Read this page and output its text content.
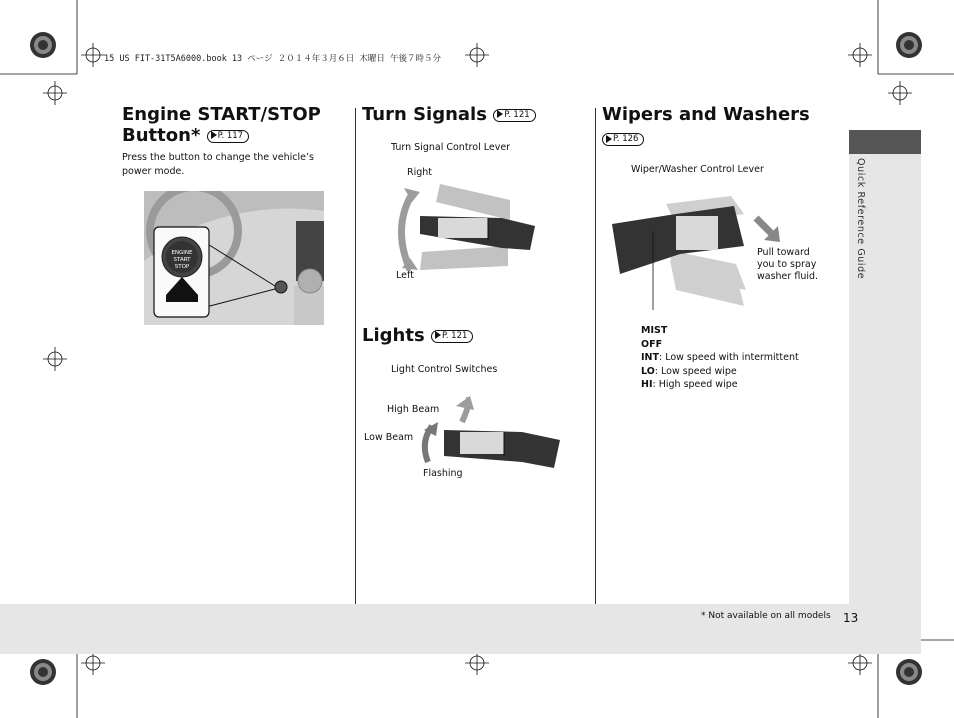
15 US FIT-31T5A6000.book 13 ページ ２０１４年３月６日 木曜日 午後７時５分
Quick Reference Guide
Engine START/STOP
Button* P. 117
Press the button to change the vehicle’s
power mode.
ENGINE
START
STOP
Turn Signals P. 121
Turn Signal Control Lever
Right
Left
Lights P. 121
Light Control Switches
High Beam
Low Beam
Flashing
Wipers and Washers
P. 126
Wiper/Washer Control Lever
Pull toward
you to spray
washer fluid.
MIST
OFF
INT: Low speed with intermittent
LO: Low speed wipe
HI: High speed wipe
* Not available on all models 13
